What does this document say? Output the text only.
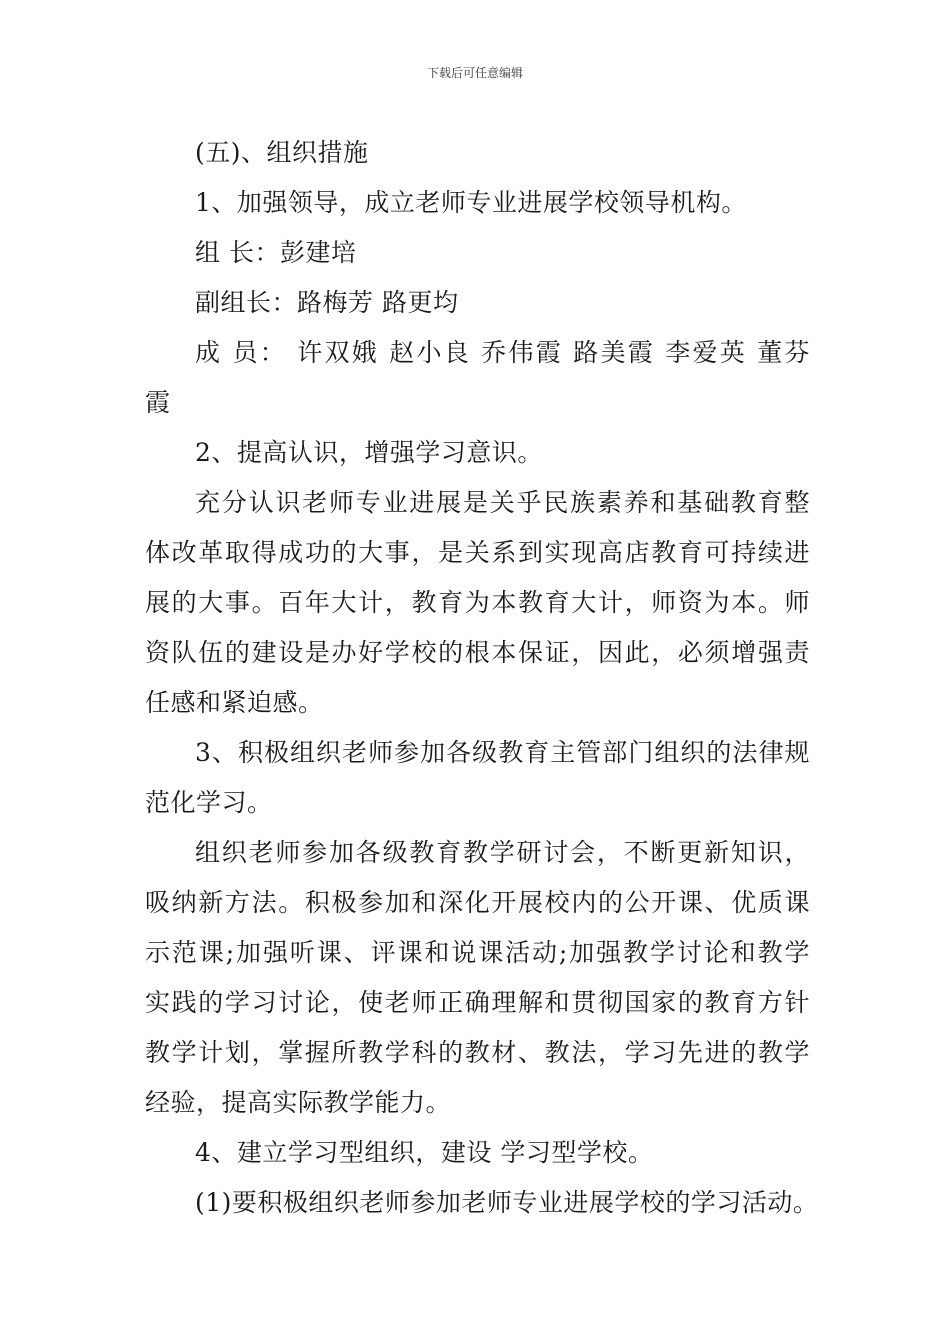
下载后可任意编辑
(五)、组织措施
1、加强领导，成立老师专业进展学校领导机构。
组 长：彭建培
副组长：路梅芳 路更均
成 员： 许双娥 赵小良 乔伟霞 路美霞 李爱英 董芬
霞
2、提高认识，增强学习意识。
充分认识老师专业进展是关乎民族素养和基础教育整
体改革取得成功的大事，是关系到实现高店教育可持续进
展的大事。百年大计，教育为本教育大计，师资为本。师
资队伍的建设是办好学校的根本保证，因此，必须增强责
任感和紧迫感。
3、积极组织老师参加各级教育主管部门组织的法律规
范化学习。
组织老师参加各级教育教学研讨会，不断更新知识，
吸纳新方法。积极参加和深化开展校内的公开课、优质课
示范课;加强听课、评课和说课活动;加强教学讨论和教学
实践的学习讨论，使老师正确理解和贯彻国家的教育方针
教学计划，掌握所教学科的教材、教法，学习先进的教学
经验，提高实际教学能力。
4、建立学习型组织，建设 学习型学校。
(1)要积极组织老师参加老师专业进展学校的学习活动。
